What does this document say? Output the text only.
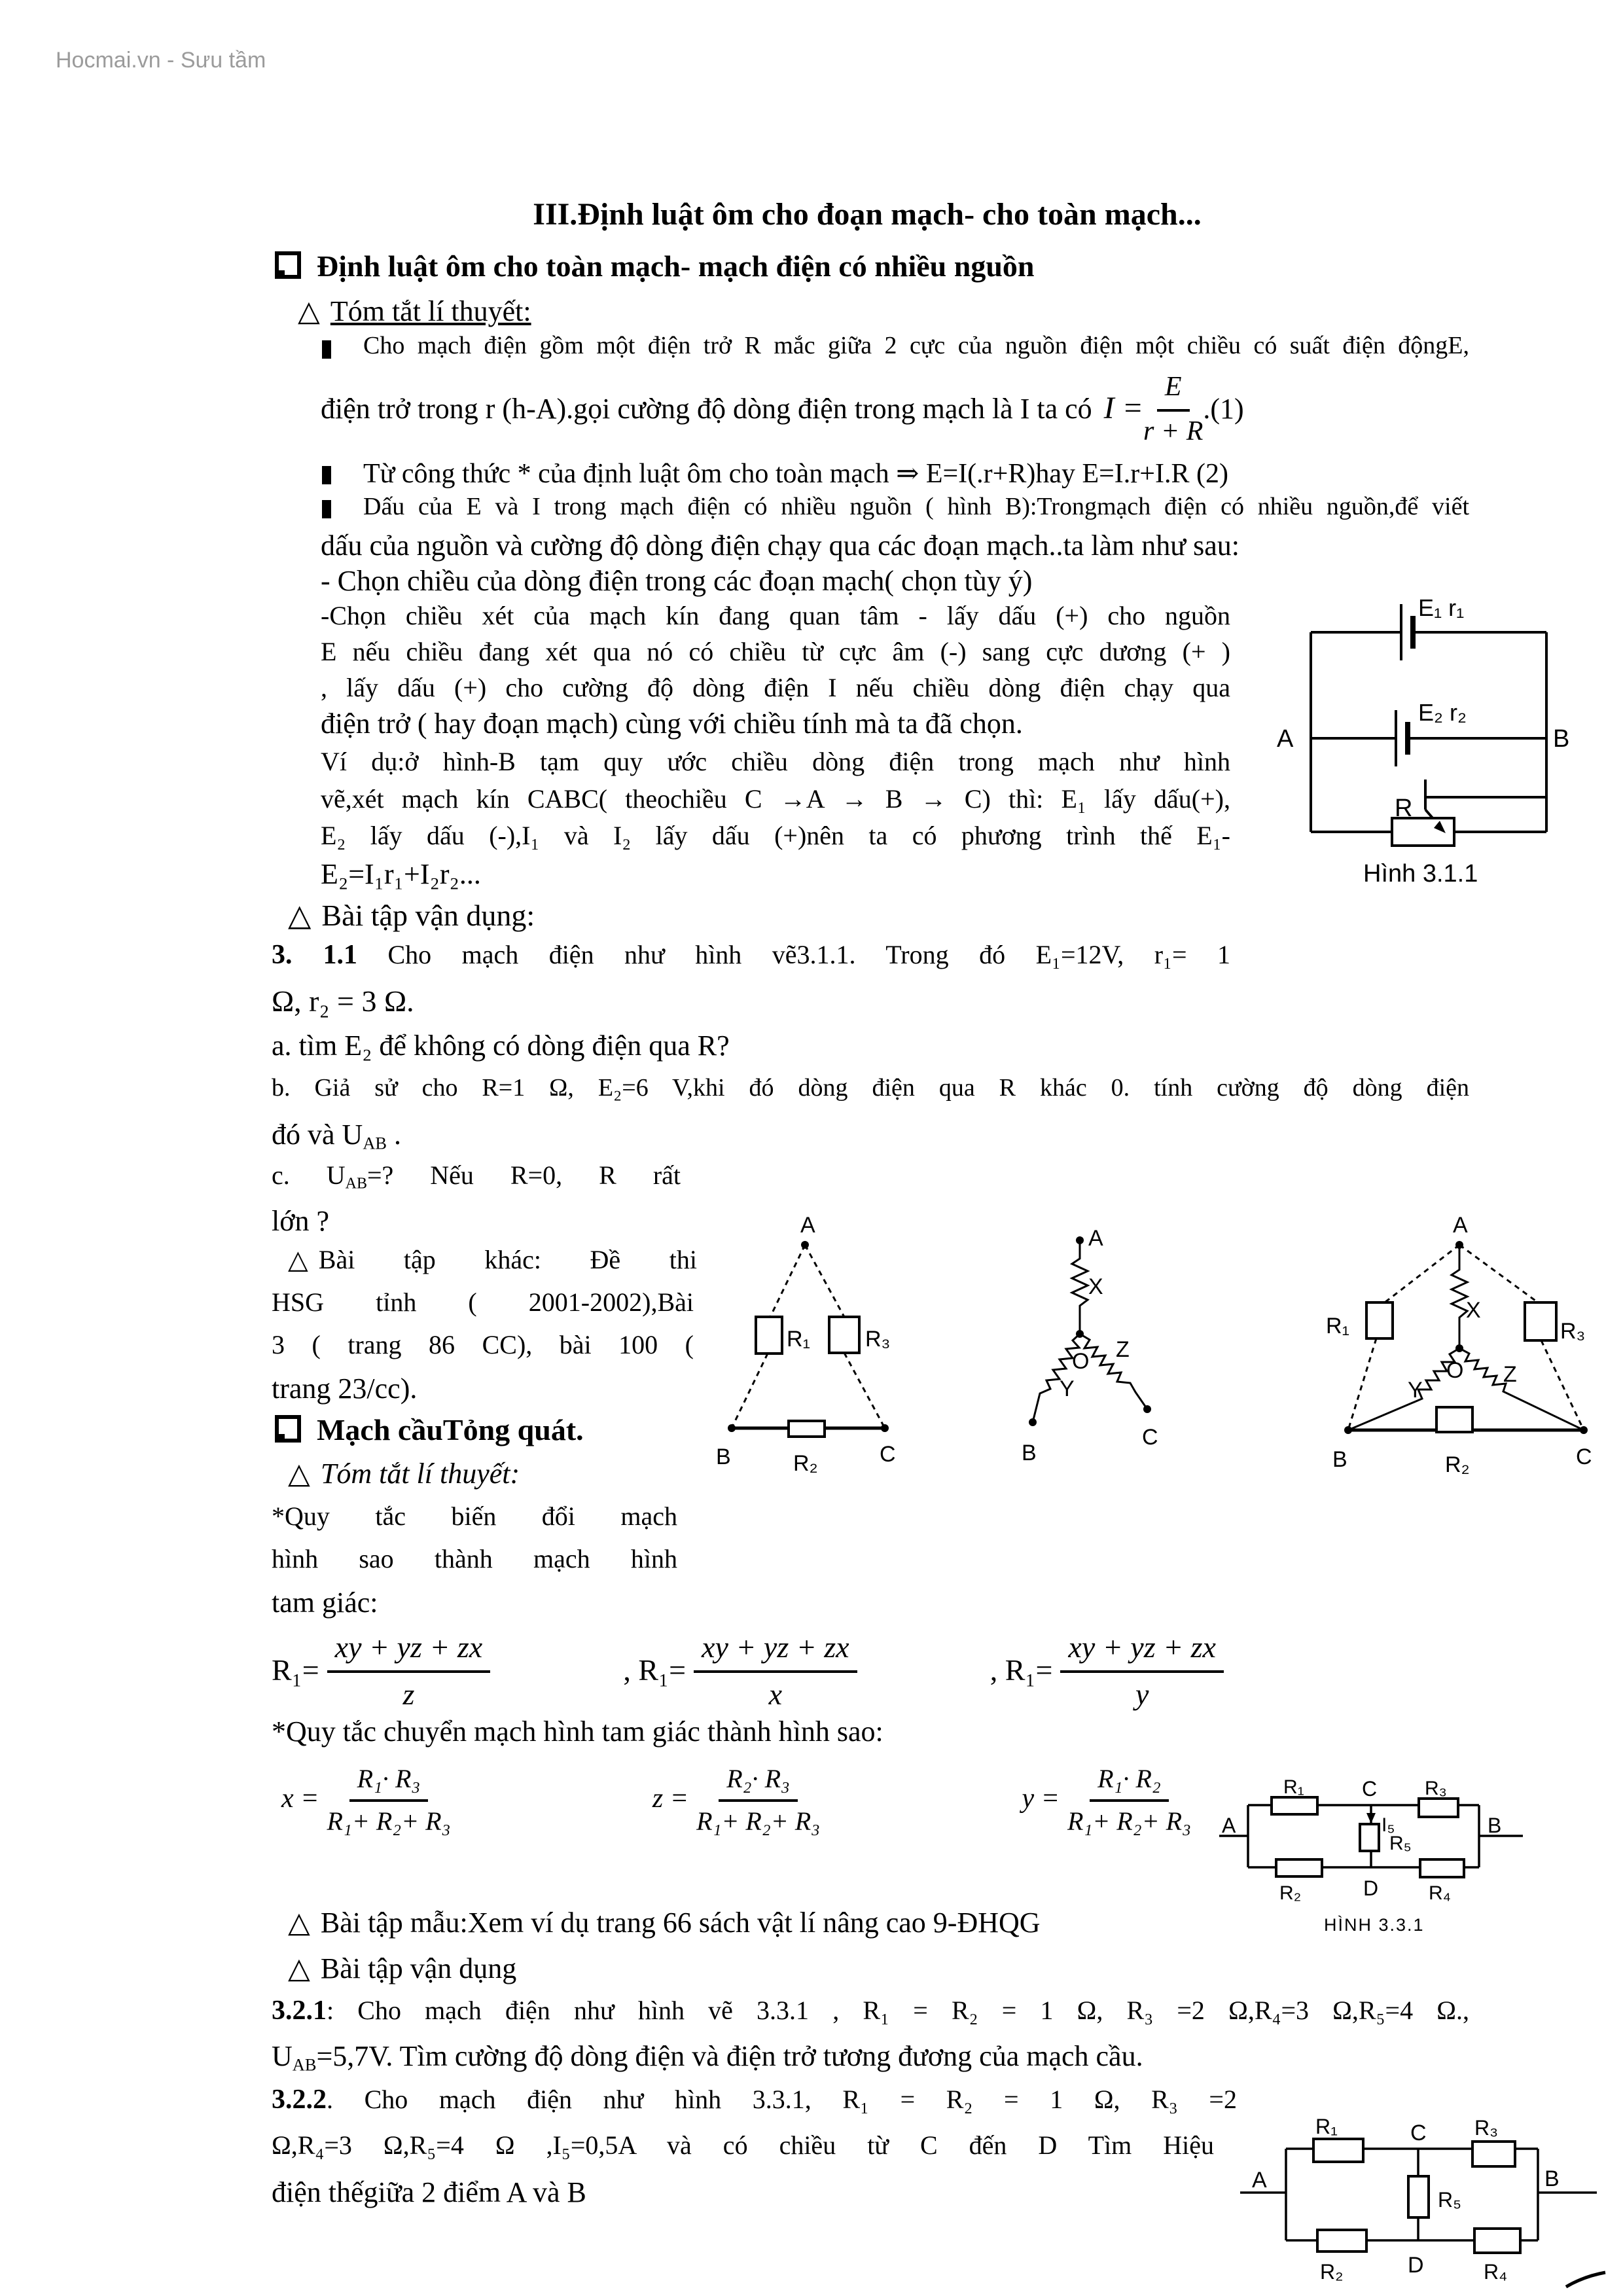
Hocmai.vn - Sưu tầm
III.Định luật ôm cho đoạn mạch- cho toàn mạch...
Định luật ôm cho toàn mạch- mạch điện có nhiều nguồn
△ Tóm tắt lí thuyết:
Cho mạch điện gồm một điện trở R mắc giữa 2 cực của nguồn điện một chiều có suất điện độngE,
điện trở trong r (h-A).gọi cường độ dòng điện trong mạch là I ta có $I = \frac{E}{r + R} .(1)$
Từ công thức * của định luật ôm cho toàn mạch ⇒ E=I(.r+R)hay E=I.r+I.R (2)
Dấu của E và I trong mạch điện có nhiều nguồn ( hình B):Trongmạch điện có nhiều nguồn,để viết
dấu của nguồn và cường độ dòng điện chạy qua các đoạn mạch..ta làm như sau:
- Chọn chiều của dòng điện trong các đoạn mạch( chọn tùy ý)
-Chọn chiều xét của mạch kín đang quan tâm - lấy dấu (+) cho nguồn
E nếu chiều đang xét qua nó có chiều từ cực âm (-) sang cực dương (+ )
, lấy dấu (+) cho cường độ dòng điện I nếu chiều dòng điện chạy qua
điện trở ( hay đoạn mạch) cùng với chiều tính mà ta đã chọn.
Ví dụ:ở hình-B tạm quy ước chiều dòng điện trong mạch như hình
vẽ,xét mạch kín CABC( theochiều C →A → B → C) thì: E₁ lấy dấu(+),
E₂ lấy dấu (-),I₁ và I₂ lấy dấu (+)nên ta có phương trình thế E₁-
E₂=I₁r₁+I₂r₂...
△ Bài tập vận dụng:
3. 1.1 Cho mạch điện như hình vẽ3.1.1. Trong đó E₁=12V, r₁= 1
Ω, r₂ = 3 Ω.
a. tìm E₂ để không có dòng điện qua R?
b. Giả sử cho R=1 Ω, E₂=6 V,khi đó dòng điện qua R khác 0. tính cường độ dòng điện
đó và $U_{AB}$ .
c. $U_{AB}=$? Nếu R=0, R rất
lớn ?
△ Bài tập khác: Đề thi
HSG tỉnh ( 2001-2002),Bài
3 ( trang 86 CC), bài 100 (
trang 23/cc).
Mạch cầuTỏng quát.
△ Tóm tắt lí thuyết:
*Quy tắc biến đổi mạch
hình sao thành mạch hình
tam giác:
$R_1= \frac{xy + yz + zx}{z}$	, $R_1= \frac{xy + yz + zx}{x}$	, $R_1= \frac{xy + yz + zx}{y}$
*Quy tắc chuyển mạch hình tam giác thành hình sao:
$x = \frac{\text{R₁· R₃}}{\text{R₁+ R₂+ R₃}}$	$z = \frac{\text{R₂· R₃}}{\text{R₁+ R₂+ R₃}}$	$y = \frac{\text{R₁· R₂}}{\text{R₁+ R₂+ R₃}}$
△ Bài tập mẫu:Xem ví dụ trang 66 sách vật lí nâng cao 9-ĐHQG
△ Bài tập vận dụng
3.2.1: Cho mạch điện như hình vẽ 3.3.1 , R₁ = R₂ = 1 Ω, R₃ =2 Ω,R₄=3 Ω,R₅=4 Ω.,
$U_{AB}=5,7V$. Tìm cường độ dòng điện và điện trở tương đương của mạch cầu.
3.2.2. Cho mạch điện như hình 3.3.1, R₁ = R₂ = 1 Ω, R₃ =2
Ω,R₄=3 Ω,R₅=4 Ω ,I₅=0,5A và có chiều từ C đến D Tìm Hiệu
điện thếgiữa 2 điểm A và B
E₁ r₁
E₂ r₂
A	B
R
Hình 3.1.1
A
B	C
R₁ R₃
R₂
A
X
O
Y
Z
B
C
A
R₁	R₃
X
O
Y
Z
B	C
R₂
A	B
C
D
R₁	R₃
I₅
R₅
R₂	R₄
HÌNH 3.3.1
A	B
C
D
R₁	R₃
R₅
R₂	R₄
